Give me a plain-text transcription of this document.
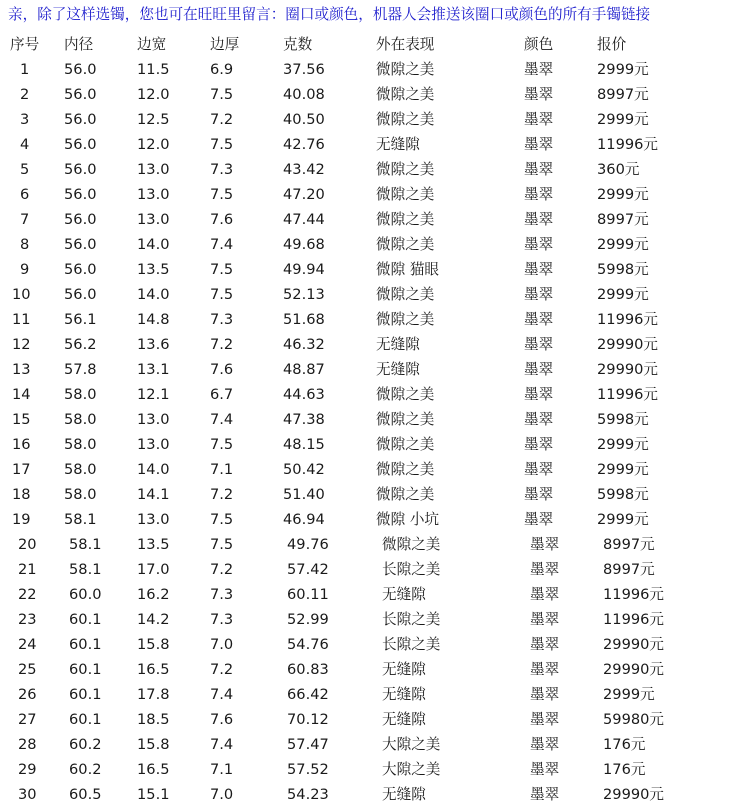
亲，除了这样选镯，您也可在旺旺里留言：圈口或颜色，机器人会推送该圈口或颜色的所有手镯链接
序号	内径	边宽	边厚	克数	外在表现	颜色	报价
1	56.0	11.5	6.9	37.56	微隙之美	墨翠	2999元
2	56.0	12.0	7.5	40.08	微隙之美	墨翠	8997元
3	56.0	12.5	7.2	40.50	微隙之美	墨翠	2999元
4	56.0	12.0	7.5	42.76	无缝隙	墨翠	11996元
5	56.0	13.0	7.3	43.42	微隙之美	墨翠	360元
6	56.0	13.0	7.5	47.20	微隙之美	墨翠	2999元
7	56.0	13.0	7.6	47.44	微隙之美	墨翠	8997元
8	56.0	14.0	7.4	49.68	微隙之美	墨翠	2999元
9	56.0	13.5	7.5	49.94	微隙 猫眼	墨翠	5998元
10	56.0	14.0	7.5	52.13	微隙之美	墨翠	2999元
11	56.1	14.8	7.3	51.68	微隙之美	墨翠	11996元
12	56.2	13.6	7.2	46.32	无缝隙	墨翠	29990元
13	57.8	13.1	7.6	48.87	无缝隙	墨翠	29990元
14	58.0	12.1	6.7	44.63	微隙之美	墨翠	11996元
15	58.0	13.0	7.4	47.38	微隙之美	墨翠	5998元
16	58.0	13.0	7.5	48.15	微隙之美	墨翠	2999元
17	58.0	14.0	7.1	50.42	微隙之美	墨翠	2999元
18	58.0	14.1	7.2	51.40	微隙之美	墨翠	5998元
19	58.1	13.0	7.5	46.94	微隙 小坑	墨翠	2999元
20	58.1	13.5	7.5	49.76	微隙之美	墨翠	8997元
21	58.1	17.0	7.2	57.42	长隙之美	墨翠	8997元
22	60.0	16.2	7.3	60.11	无缝隙	墨翠	11996元
23	60.1	14.2	7.3	52.99	长隙之美	墨翠	11996元
24	60.1	15.8	7.0	54.76	长隙之美	墨翠	29990元
25	60.1	16.5	7.2	60.83	无缝隙	墨翠	29990元
26	60.1	17.8	7.4	66.42	无缝隙	墨翠	2999元
27	60.1	18.5	7.6	70.12	无缝隙	墨翠	59980元
28	60.2	15.8	7.4	57.47	大隙之美	墨翠	176元
29	60.2	16.5	7.1	57.52	大隙之美	墨翠	176元
30	60.5	15.1	7.0	54.23	无缝隙	墨翠	29990元
